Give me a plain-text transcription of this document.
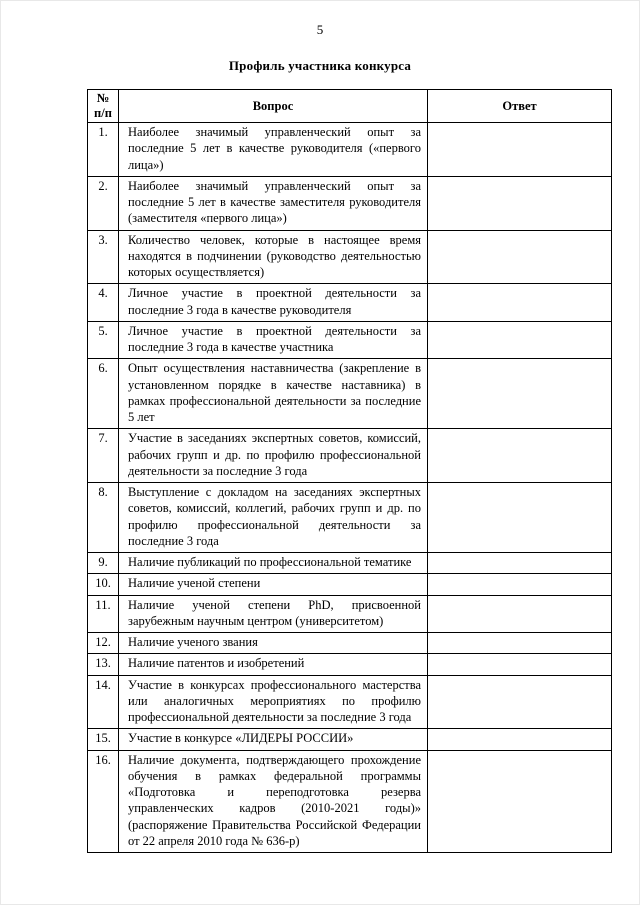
5
Профиль участника конкурса
№
п/п	Вопрос	Ответ
1.	Наиболее значимый управленческий опыт за последние 5 лет в качестве руководителя («первого лица»)	
2.	Наиболее значимый управленческий опыт за последние 5 лет в качестве заместителя руководителя (заместителя «первого лица»)	
3.	Количество человек, которые в настоящее время находятся в подчинении (руководство деятельностью которых осуществляется)	
4.	Личное участие в проектной деятельности за последние 3 года в качестве руководителя	
5.	Личное участие в проектной деятельности за последние 3 года в качестве участника	
6.	Опыт осуществления наставничества (закрепление в установленном порядке в качестве наставника) в рамках профессиональной деятельности за последние 5 лет	
7.	Участие в заседаниях экспертных советов, комиссий, рабочих групп и др. по профилю профессиональной деятельности за последние 3 года	
8.	Выступление с докладом на заседаниях экспертных советов, комиссий, коллегий, рабочих групп и др. по профилю профессиональной деятельности за последние 3 года	
9.	Наличие публикаций по профессиональной тематике	
10.	Наличие ученой степени	
11.	Наличие ученой степени PhD, присвоенной зарубежным научным центром (университетом)	
12.	Наличие ученого звания	
13.	Наличие патентов и изобретений	
14.	Участие в конкурсах профессионального мастерства или аналогичных мероприятиях по профилю профессиональной деятельности за последние 3 года	
15.	Участие в конкурсе «ЛИДЕРЫ РОССИИ»	
16.	Наличие документа, подтверждающего прохождение обучения в рамках федеральной программы «Подготовка и переподготовка резерва управленческих кадров (2010-2021 годы)» (распоряжение Правительства Российской Федерации от 22 апреля 2010 года № 636-р)	
